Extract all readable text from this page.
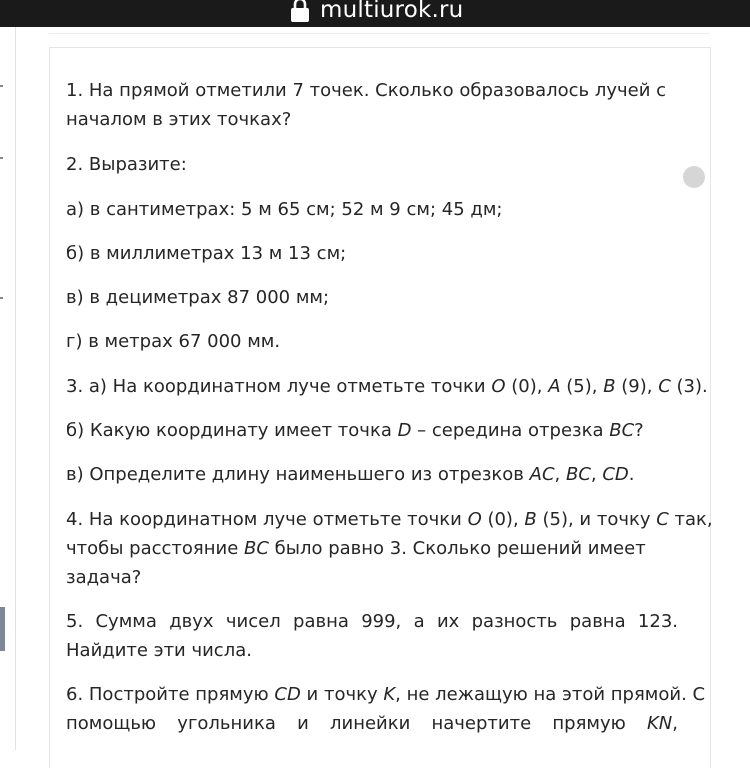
multiurok.ru
1. На прямой отметили 7 точек. Сколько образовалось лучей с
началом в этих точках?
2. Выразите:
а) в сантиметрах: 5 м 65 см; 52 м 9 см; 45 дм;
б) в миллиметрах 13 м 13 см;
в) в дециметрах 87 000 мм;
г) в метрах 67 000 мм.
3. а) На координатном луче отметьте точки O (0), A (5), B (9), C (3).
б) Какую координату имеет точка D – середина отрезка BC?
в) Определите длину наименьшего из отрезков AC, BC, CD.
4. На координатном луче отметьте точки O (0), B (5), и точку C так,
чтобы расстояние BC было равно 3. Сколько решений имеет
задача?
5. Сумма двух чисел равна 999, а их разность равна 123. Найдите эти числа.
6. Постройте прямую CD и точку K, не лежащую на этой прямой. С
помощью угольника и линейки начертите прямую KN,
